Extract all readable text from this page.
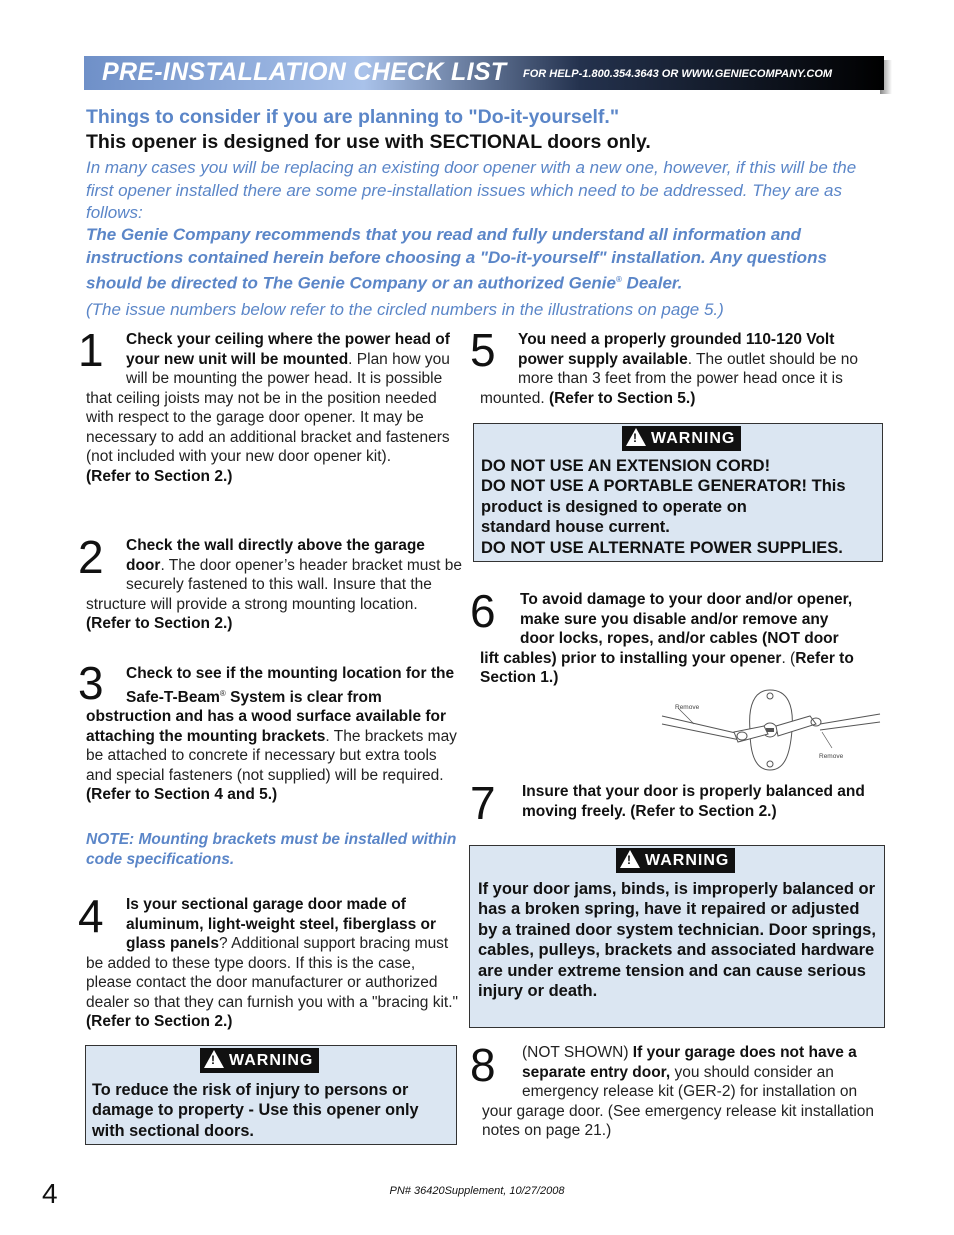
PRE-INSTALLATION CHECK LIST FOR HELP-1.800.354.3643 OR WWW.GENIECOMPANY.COM
Things to consider if you are planning to "Do-it-yourself."
This opener is designed for use with SECTIONAL doors only.
In many cases you will be replacing an existing door opener with a new one, however, if this will be the first opener installed there are some pre-installation issues which need to be addressed. They are as follows:
The Genie Company recommends that you read and fully understand all information and instructions contained herein before choosing a "Do-it-yourself" installation. Any questions should be directed to The Genie Company or an authorized Genie® Dealer.
(The issue numbers below refer to the circled numbers in the illustrations on page 5.)
1	Check your ceiling where the power head of your new unit will be mounted. Plan how you will be mounting the power head. It is possible that ceiling joists may not be in the position needed with respect to the garage door opener. It may be necessary to add an additional bracket and fasteners (not included with your new door opener kit).
(Refer to Section 2.)
2	Check the wall directly above the garage door. The door opener’s header bracket must be securely fastened to this wall. Insure that the structure will provide a strong mounting location. (Refer to Section 2.)
3	Check to see if the mounting location for the Safe-T-Beam® System is clear from obstruction and has a wood surface available for attaching the mounting brackets. The brackets may be attached to concrete if necessary but extra tools and special fasteners (not supplied) will be required. (Refer to Section 4 and 5.)
NOTE: Mounting brackets must be installed within code specifications.
4	Is your sectional garage door made of aluminum, light-weight steel, fiberglass or glass panels? Additional support bracing must be added to these type doors. If this is the case, please contact the door manufacturer or authorized dealer so that they can furnish you with a "bracing kit." (Refer to Section 2.)
! WARNING
To reduce the risk of injury to persons or damage to property - Use this opener only with sectional doors.
5	You need a properly grounded 110-120 Volt power supply available. The outlet should be no more than 3 feet from the power head once it is mounted. (Refer to Section 5.)
! WARNING
DO NOT USE AN EXTENSION CORD!
DO NOT USE A PORTABLE GENERATOR! This product is designed to operate on
standard house current.
DO NOT USE ALTERNATE POWER SUPPLIES.
6	To avoid damage to your door and/or opener, make sure you disable and/or remove any door locks, ropes, and/or cables (NOT door lift cables) prior to installing your opener. (Refer to Section 1.)
Remove
Remove
7 Insure that your door is properly balanced and moving freely. (Refer to Section 2.)
! WARNING
If your door jams, binds, is improperly balanced or has a broken spring, have it repaired or adjusted by a trained door system technician. Door springs, cables, pulleys, brackets and associated hardware are under extreme tension and can cause serious injury or death.
8	(NOT SHOWN) If your garage does not have a separate entry door, you should consider an emergency release kit (GER-2) for installation on your garage door. (See emergency release kit installation notes on page 21.)
4	PN# 36420Supplement, 10/27/2008
